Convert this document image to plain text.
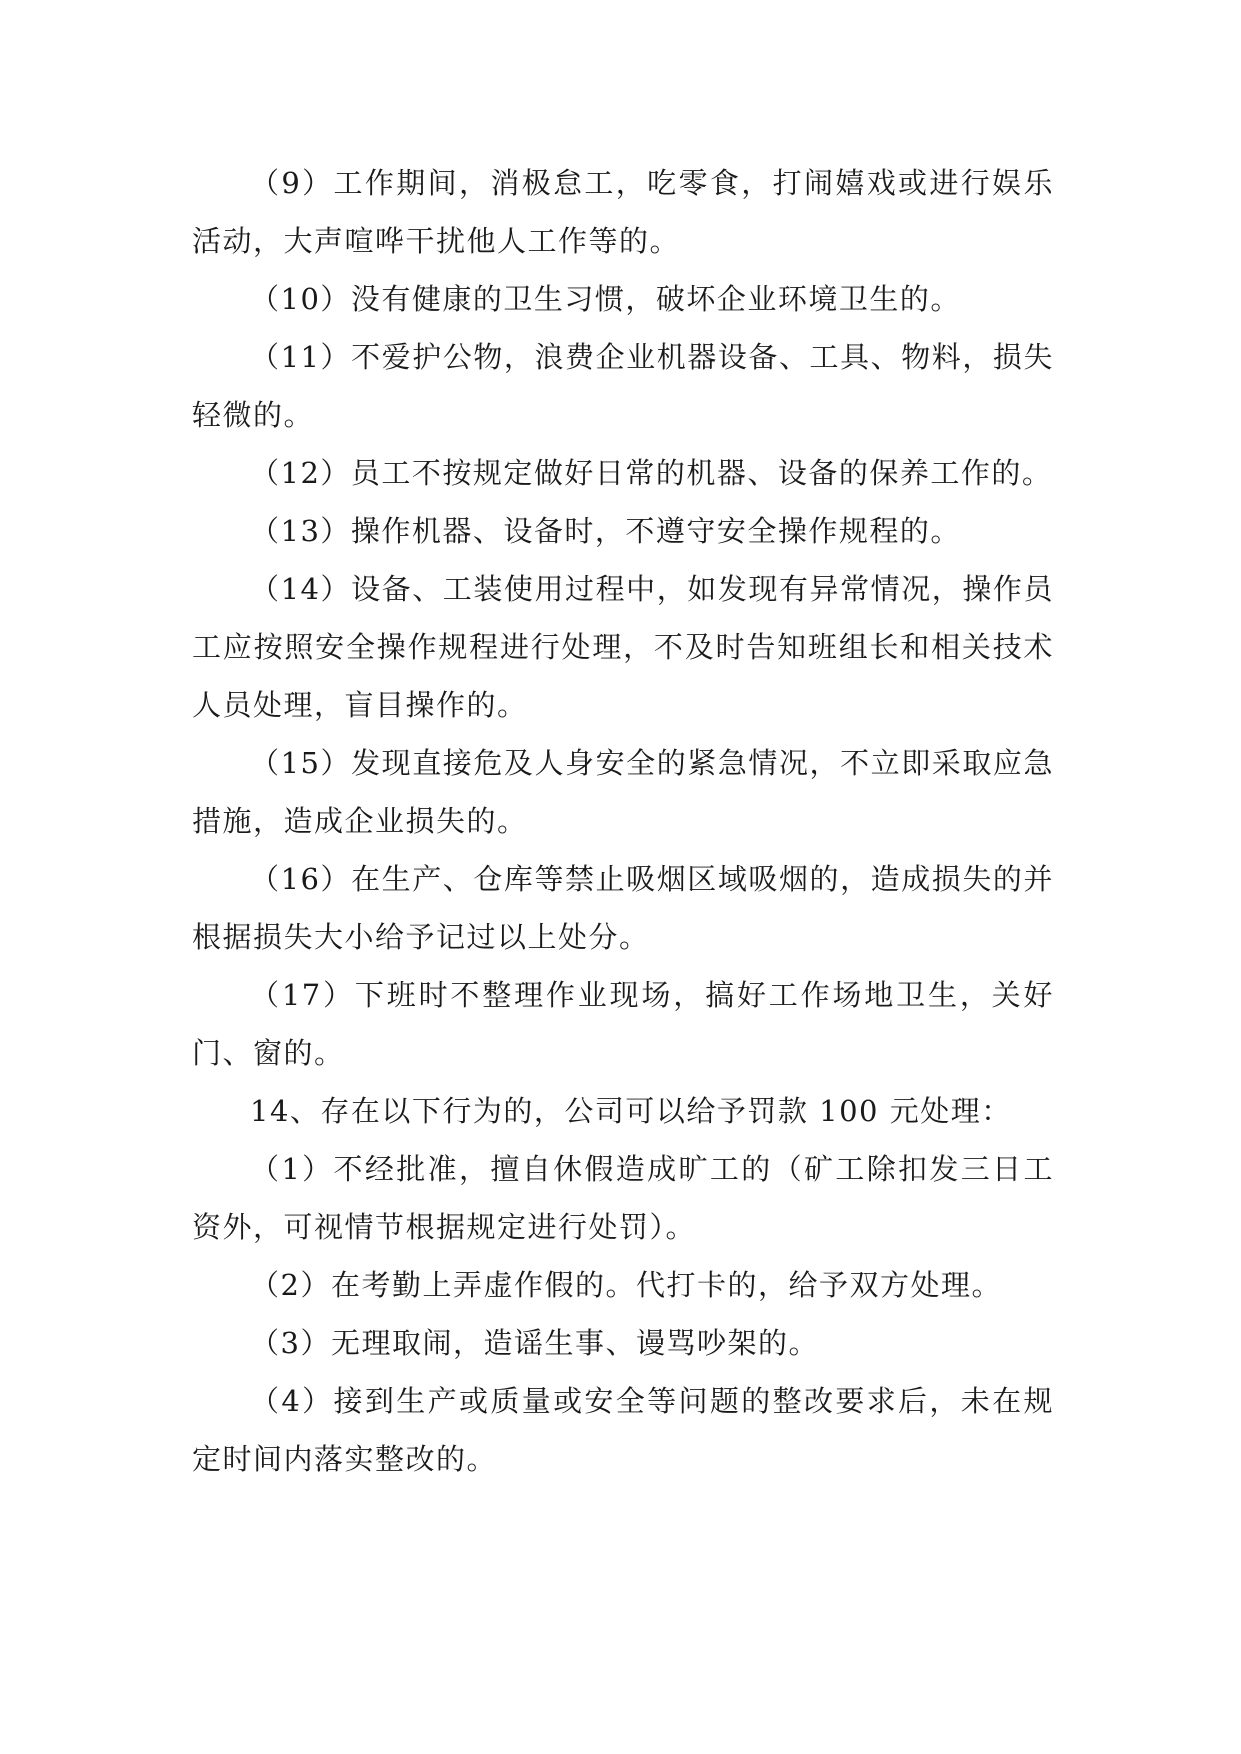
（9）工作期间，消极怠工，吃零食，打闹嬉戏或进行娱乐活动，大声喧哗干扰他人工作等的。

（10）没有健康的卫生习惯，破坏企业环境卫生的。

（11）不爱护公物，浪费企业机器设备、工具、物料，损失轻微的。

（12）员工不按规定做好日常的机器、设备的保养工作的。

（13）操作机器、设备时，不遵守安全操作规程的。

（14）设备、工装使用过程中，如发现有异常情况，操作员工应按照安全操作规程进行处理，不及时告知班组长和相关技术人员处理，盲目操作的。

（15）发现直接危及人身安全的紧急情况，不立即采取应急措施，造成企业损失的。

（16）在生产、仓库等禁止吸烟区域吸烟的，造成损失的并根据损失大小给予记过以上处分。

（17）下班时不整理作业现场，搞好工作场地卫生，关好门、窗的。

14、存在以下行为的，公司可以给予罚款 100 元处理：

（1）不经批准，擅自休假造成旷工的（矿工除扣发三日工资外，可视情节根据规定进行处罚）。

（2）在考勤上弄虚作假的。代打卡的，给予双方处理。

（3）无理取闹，造谣生事、谩骂吵架的。

（4）接到生产或质量或安全等问题的整改要求后，未在规定时间内落实整改的。
